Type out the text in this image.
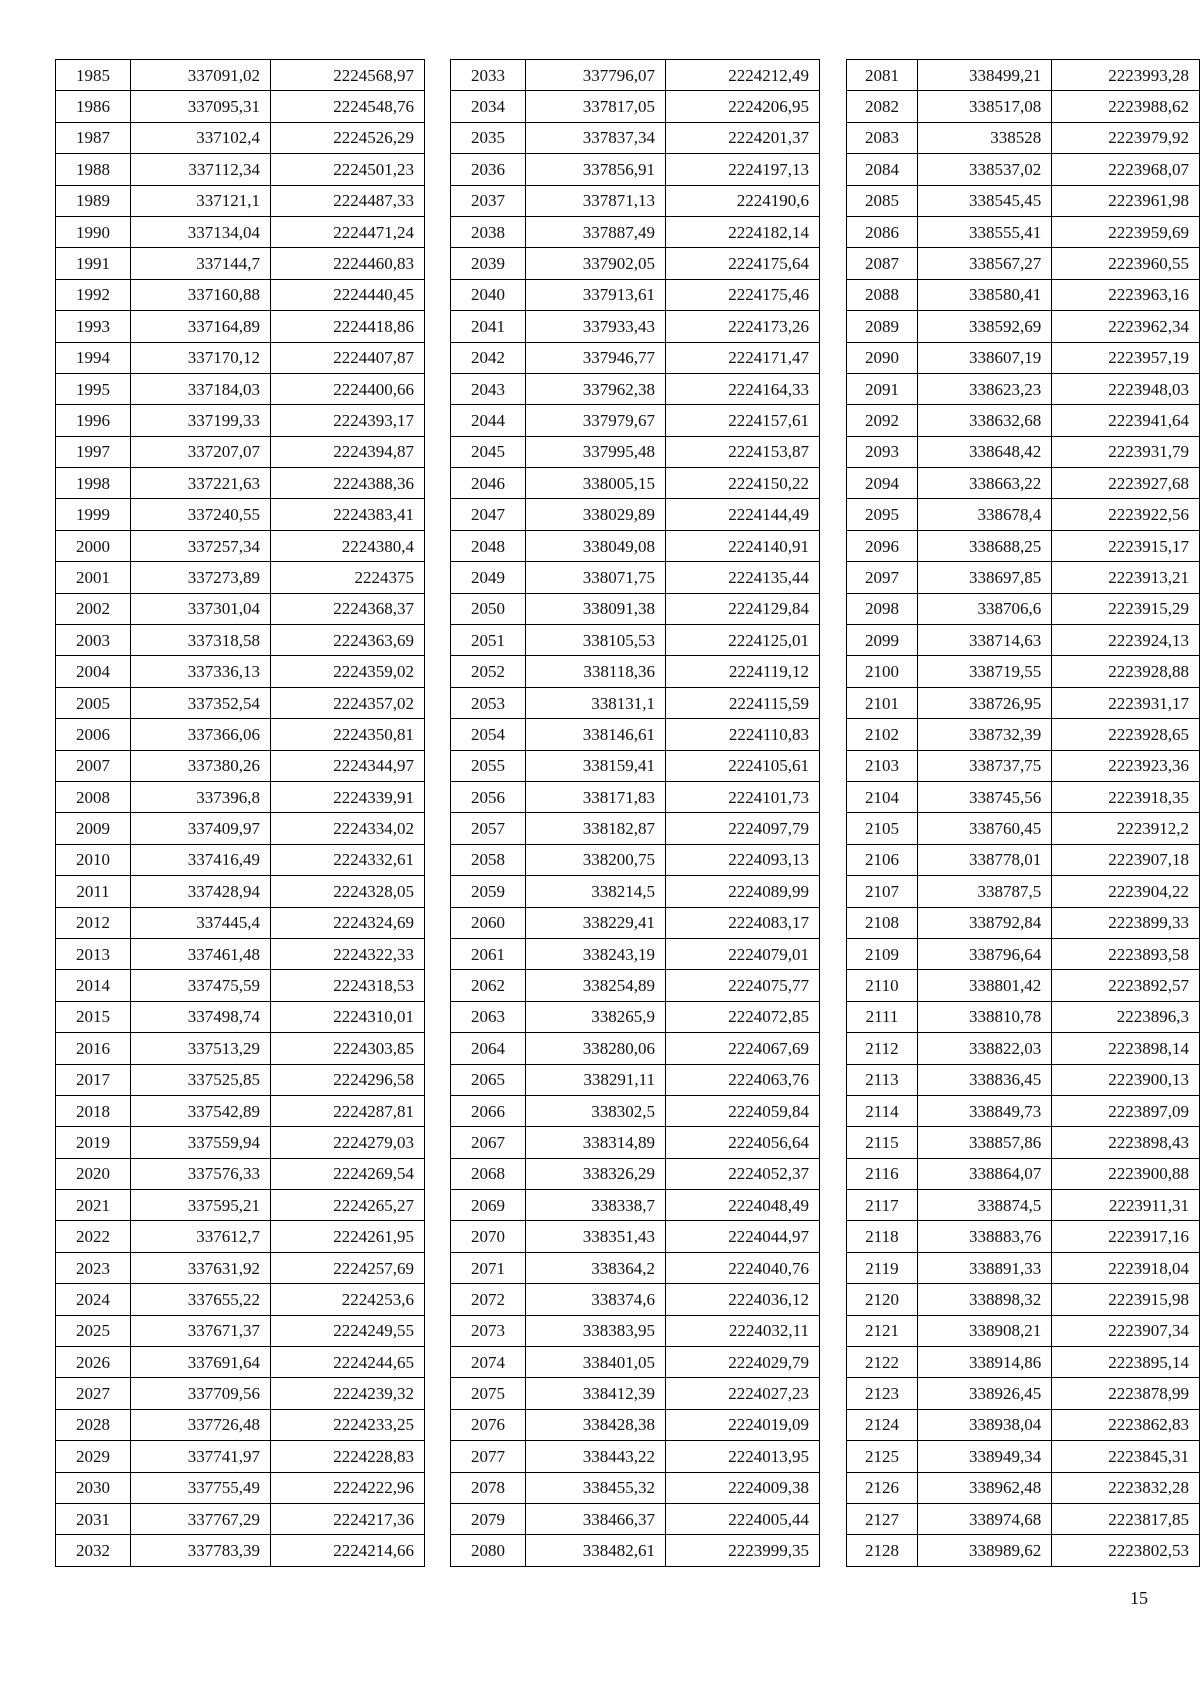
1985	337091,02	2224568,97
1986	337095,31	2224548,76
1987	337102,4	2224526,29
1988	337112,34	2224501,23
1989	337121,1	2224487,33
1990	337134,04	2224471,24
1991	337144,7	2224460,83
1992	337160,88	2224440,45
1993	337164,89	2224418,86
1994	337170,12	2224407,87
1995	337184,03	2224400,66
1996	337199,33	2224393,17
1997	337207,07	2224394,87
1998	337221,63	2224388,36
1999	337240,55	2224383,41
2000	337257,34	2224380,4
2001	337273,89	2224375
2002	337301,04	2224368,37
2003	337318,58	2224363,69
2004	337336,13	2224359,02
2005	337352,54	2224357,02
2006	337366,06	2224350,81
2007	337380,26	2224344,97
2008	337396,8	2224339,91
2009	337409,97	2224334,02
2010	337416,49	2224332,61
2011	337428,94	2224328,05
2012	337445,4	2224324,69
2013	337461,48	2224322,33
2014	337475,59	2224318,53
2015	337498,74	2224310,01
2016	337513,29	2224303,85
2017	337525,85	2224296,58
2018	337542,89	2224287,81
2019	337559,94	2224279,03
2020	337576,33	2224269,54
2021	337595,21	2224265,27
2022	337612,7	2224261,95
2023	337631,92	2224257,69
2024	337655,22	2224253,6
2025	337671,37	2224249,55
2026	337691,64	2224244,65
2027	337709,56	2224239,32
2028	337726,48	2224233,25
2029	337741,97	2224228,83
2030	337755,49	2224222,96
2031	337767,29	2224217,36
2032	337783,39	2224214,66
2033	337796,07	2224212,49
2034	337817,05	2224206,95
2035	337837,34	2224201,37
2036	337856,91	2224197,13
2037	337871,13	2224190,6
2038	337887,49	2224182,14
2039	337902,05	2224175,64
2040	337913,61	2224175,46
2041	337933,43	2224173,26
2042	337946,77	2224171,47
2043	337962,38	2224164,33
2044	337979,67	2224157,61
2045	337995,48	2224153,87
2046	338005,15	2224150,22
2047	338029,89	2224144,49
2048	338049,08	2224140,91
2049	338071,75	2224135,44
2050	338091,38	2224129,84
2051	338105,53	2224125,01
2052	338118,36	2224119,12
2053	338131,1	2224115,59
2054	338146,61	2224110,83
2055	338159,41	2224105,61
2056	338171,83	2224101,73
2057	338182,87	2224097,79
2058	338200,75	2224093,13
2059	338214,5	2224089,99
2060	338229,41	2224083,17
2061	338243,19	2224079,01
2062	338254,89	2224075,77
2063	338265,9	2224072,85
2064	338280,06	2224067,69
2065	338291,11	2224063,76
2066	338302,5	2224059,84
2067	338314,89	2224056,64
2068	338326,29	2224052,37
2069	338338,7	2224048,49
2070	338351,43	2224044,97
2071	338364,2	2224040,76
2072	338374,6	2224036,12
2073	338383,95	2224032,11
2074	338401,05	2224029,79
2075	338412,39	2224027,23
2076	338428,38	2224019,09
2077	338443,22	2224013,95
2078	338455,32	2224009,38
2079	338466,37	2224005,44
2080	338482,61	2223999,35
2081	338499,21	2223993,28
2082	338517,08	2223988,62
2083	338528	2223979,92
2084	338537,02	2223968,07
2085	338545,45	2223961,98
2086	338555,41	2223959,69
2087	338567,27	2223960,55
2088	338580,41	2223963,16
2089	338592,69	2223962,34
2090	338607,19	2223957,19
2091	338623,23	2223948,03
2092	338632,68	2223941,64
2093	338648,42	2223931,79
2094	338663,22	2223927,68
2095	338678,4	2223922,56
2096	338688,25	2223915,17
2097	338697,85	2223913,21
2098	338706,6	2223915,29
2099	338714,63	2223924,13
2100	338719,55	2223928,88
2101	338726,95	2223931,17
2102	338732,39	2223928,65
2103	338737,75	2223923,36
2104	338745,56	2223918,35
2105	338760,45	2223912,2
2106	338778,01	2223907,18
2107	338787,5	2223904,22
2108	338792,84	2223899,33
2109	338796,64	2223893,58
2110	338801,42	2223892,57
2111	338810,78	2223896,3
2112	338822,03	2223898,14
2113	338836,45	2223900,13
2114	338849,73	2223897,09
2115	338857,86	2223898,43
2116	338864,07	2223900,88
2117	338874,5	2223911,31
2118	338883,76	2223917,16
2119	338891,33	2223918,04
2120	338898,32	2223915,98
2121	338908,21	2223907,34
2122	338914,86	2223895,14
2123	338926,45	2223878,99
2124	338938,04	2223862,83
2125	338949,34	2223845,31
2126	338962,48	2223832,28
2127	338974,68	2223817,85
2128	338989,62	2223802,53
15
